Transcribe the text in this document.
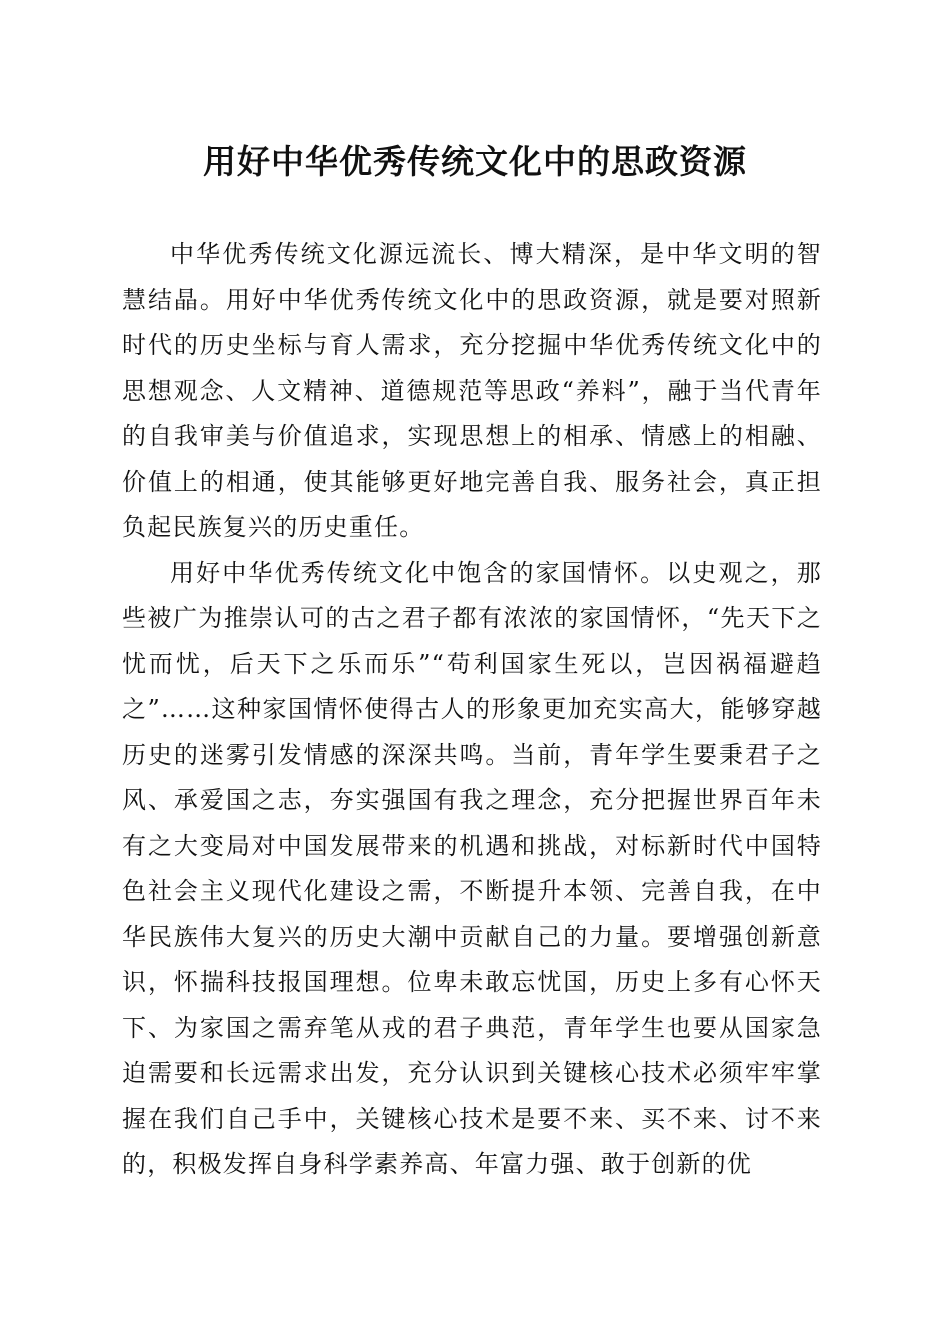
用好中华优秀传统文化中的思政资源

中华优秀传统文化源远流长、博大精深，是中华文明的智慧结晶。用好中华优秀传统文化中的思政资源，就是要对照新时代的历史坐标与育人需求，充分挖掘中华优秀传统文化中的思想观念、人文精神、道德规范等思政“养料”，融于当代青年的自我审美与价值追求，实现思想上的相承、情感上的相融、价值上的相通，使其能够更好地完善自我、服务社会，真正担负起民族复兴的历史重任。

用好中华优秀传统文化中饱含的家国情怀。以史观之，那些被广为推崇认可的古之君子都有浓浓的家国情怀，“先天下之忧而忧，后天下之乐而乐”“苟利国家生死以，岂因祸福避趋之”……这种家国情怀使得古人的形象更加充实高大，能够穿越历史的迷雾引发情感的深深共鸣。当前，青年学生要秉君子之风、承爱国之志，夯实强国有我之理念，充分把握世界百年未有之大变局对中国发展带来的机遇和挑战，对标新时代中国特色社会主义现代化建设之需，不断提升本领、完善自我，在中华民族伟大复兴的历史大潮中贡献自己的力量。要增强创新意识，怀揣科技报国理想。位卑未敢忘忧国，历史上多有心怀天下、为家国之需弃笔从戎的君子典范，青年学生也要从国家急迫需要和长远需求出发，充分认识到关键核心技术必须牢牢掌握在我们自己手中，关键核心技术是要不来、买不来、讨不来的，积极发挥自身科学素养高、年富力强、敢于创新的优
